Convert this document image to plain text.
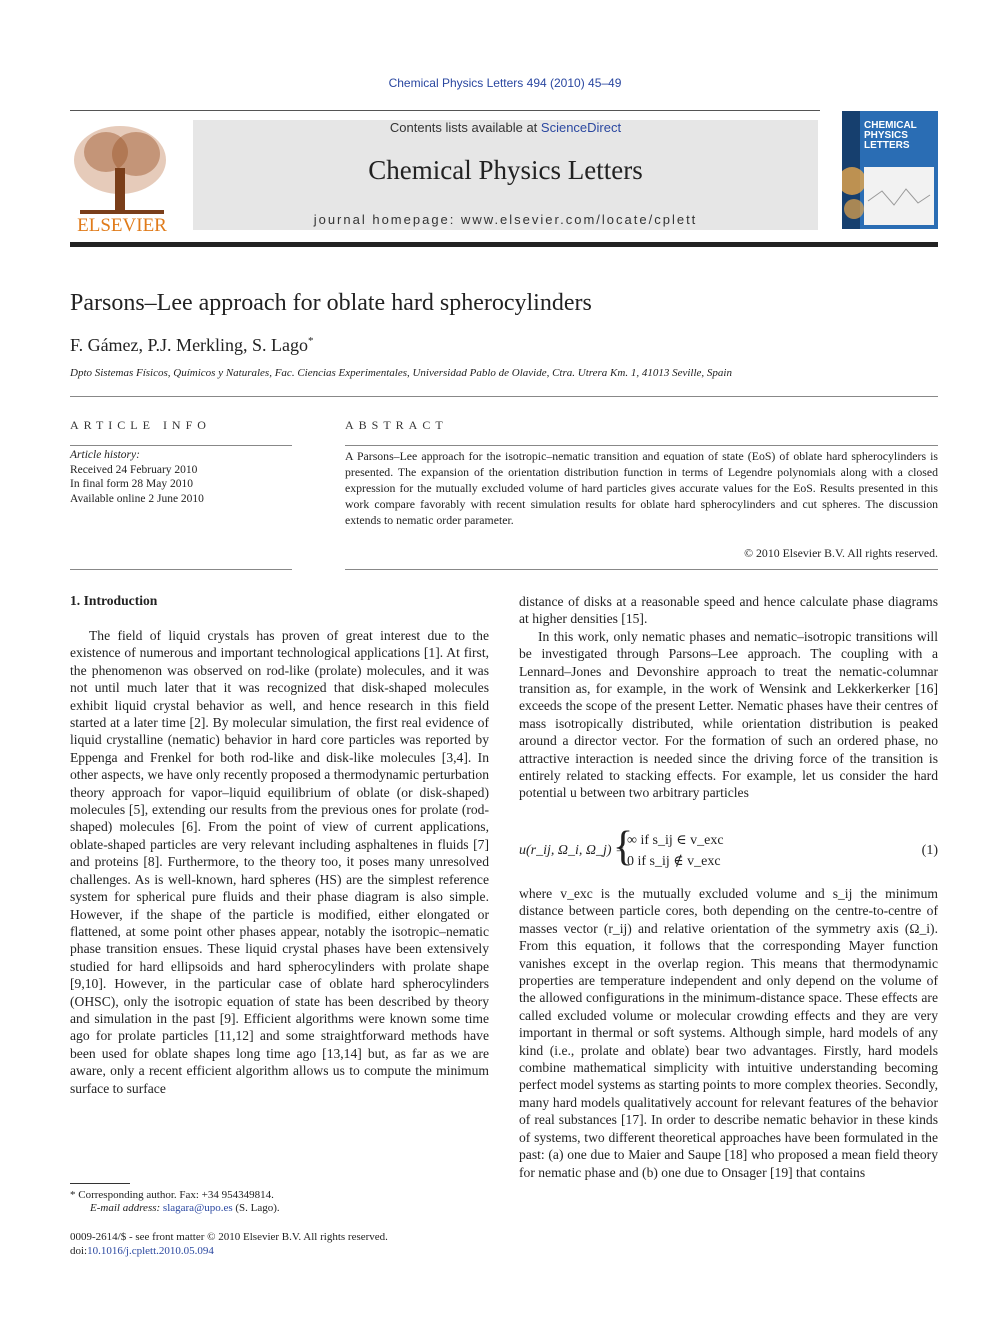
Chemical Physics Letters 494 (2010) 45–49
ELSEVIER
Contents lists available at ScienceDirect
Chemical Physics Letters
journal homepage: www.elsevier.com/locate/cplett
CHEMICAL
PHYSICS
LETTERS
Parsons–Lee approach for oblate hard spherocylinders
F. Gámez, P.J. Merkling, S. Lago*
Dpto Sistemas Físicos, Químicos y Naturales, Fac. Ciencias Experimentales, Universidad Pablo de Olavide, Ctra. Utrera Km. 1, 41013 Seville, Spain
ARTICLE INFO	ABSTRACT
Article history:
Received 24 February 2010
In final form 28 May 2010
Available online 2 June 2010
A Parsons–Lee approach for the isotropic–nematic transition and equation of state (EoS) of oblate hard spherocylinders is presented. The expansion of the orientation distribution function in terms of Legendre polynomials along with a closed expression for the mutually excluded volume of hard particles gives accurate values for the EoS. Results presented in this work compare favorably with recent simulation results for oblate hard spherocylinders and cut spheres. The discussion extends to nematic order parameter.
© 2010 Elsevier B.V. All rights reserved.
1. Introduction

The field of liquid crystals has proven of great interest due to the existence of numerous and important technological applications [1]. At first, the phenomenon was observed on rod-like (prolate) molecules, and it was not until much later that it was recognized that disk-shaped molecules exhibit liquid crystal behavior as well, and hence research in this field started at a later time [2]. By molecular simulation, the first real evidence of liquid crystalline (nematic) behavior in hard core particles was reported by Eppenga and Frenkel for both rod-like and disk-like molecules [3,4]. In other aspects, we have only recently proposed a thermodynamic perturbation theory approach for vapor–liquid equilibrium of oblate (or disk-shaped) molecules [5], extending our results from the previous ones for prolate (rod-shaped) molecules [6]. From the point of view of current applications, oblate-shaped particles are very relevant including asphaltenes in fluids [7] and proteins [8]. Furthermore, to the theory too, it poses many unresolved challenges. As is well-known, hard spheres (HS) are the simplest reference system for spherical pure fluids and their phase diagram is also simple. However, if the shape of the particle is modified, either elongated or flattened, at some point other phases appear, notably the isotropic–nematic phase transition ensues. These liquid crystal phases have been extensively studied for hard ellipsoids and hard spherocylinders with prolate shape [9,10]. However, in the particular case of oblate hard spherocylinders (OHSC), only the isotropic equation of state has been described by theory and simulation in the past [9]. Efficient algorithms were known some time ago for prolate particles [11,12] and some straightforward methods have been used for oblate shapes long time ago [13,14] but, as far as we are aware, only a recent efficient algorithm allows us to compute the minimum surface to surface

distance of disks at a reasonable speed and hence calculate phase diagrams at higher densities [15].

In this work, only nematic phases and nematic–isotropic transitions will be investigated through Parsons–Lee approach. The coupling with a Lennard–Jones and Devonshire approach to treat the nematic-columnar transition as, for example, in the work of Wensink and Lekkerkerker [16] exceeds the scope of the present Letter. Nematic phases have their centres of mass isotropically distributed, while orientation distribution is peaked around a director vector. For the formation of such an ordered phase, no attractive interaction is needed since the driving force of the transition is entirely related to stacking effects. For example, let us consider the hard potential u between two arbitrary particles

u(r_ij, Ω_i, Ω_j) =
{
∞ if s_ij ∈ v_exc
0 if s_ij ∉ v_exc
(1)

where v_exc is the mutually excluded volume and s_ij the minimum distance between particle cores, both depending on the centre-to-centre of masses vector (r_ij) and relative orientation of the symmetry axis (Ω_i). From this equation, it follows that the corresponding Mayer function vanishes except in the overlap region. This means that thermodynamic properties are temperature independent and only depend on the volume of the allowed configurations in the minimum-distance space. These effects are called excluded volume or molecular crowding effects and they are very important in thermal or soft systems. Although simple, hard models of any kind (i.e., prolate and oblate) bear two advantages. Firstly, hard models combine mathematical simplicity with intuitive understanding becoming perfect model systems as starting points to more complex theories. Secondly, many hard models qualitatively account for relevant features of the behavior of real substances [17]. In order to describe nematic behavior in these kinds of systems, two different theoretical approaches have been formulated in the past: (a) one due to Maier and Saupe [18] who proposed a mean field theory for nematic phase and (b) one due to Onsager [19] that contains

* Corresponding author. Fax: +34 954349814.
E-mail address: slagara@upo.es (S. Lago).
0009-2614/$ - see front matter © 2010 Elsevier B.V. All rights reserved.
doi:10.1016/j.cplett.2010.05.094
